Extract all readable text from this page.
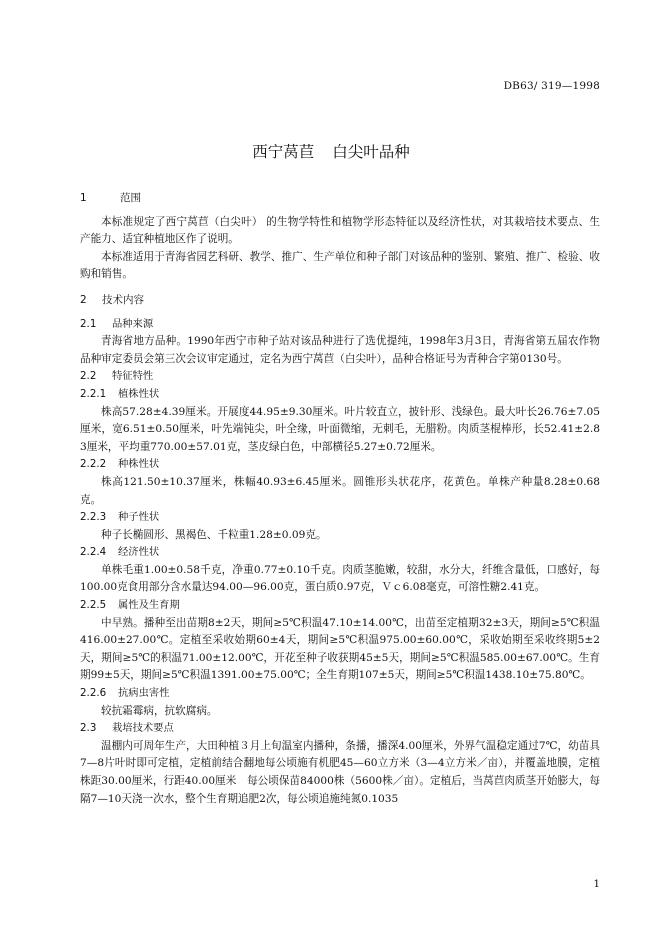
DB63/ 319—1998
西宁莴苣 白尖叶品种
1	范围

本标准规定了西宁莴苣（白尖叶） 的生物学特性和植物学形态特征以及经济性状，对其栽培技术要点、生产能力、适宜种植地区作了说明。

本标准适用于青海省园艺科研、教学、推广、生产单位和种子部门对该品种的鉴别、繁殖、推广、检验、收购和销售。

2 技术内容
2.1 品种来源

青海省地方品种。1990年西宁市种子站对该品种进行了选优提纯，1998年3月3日，青海省第五届农作物品种审定委员会第三次会议审定通过，定名为西宁莴苣（白尖叶），品种合格证号为青种合字第0130号。

2.2 特征特性
2.2.1 植株性状

株高57.28±4.39厘米。开展度44.95±9.30厘米。叶片较直立，披针形、浅绿色。最大叶长26.76±7.05厘米，宽6.51±0.50厘米，叶先端钝尖，叶全缘，叶面微缩，无刺毛，无腊粉。肉质茎棍棒形，长52.41±2.83厘米，平均重770.00±57.01克，茎皮绿白色，中部横径5.27±0.72厘米。

2.2.2 种株性状

株高121.50±10.37厘米，株幅40.93±6.45厘米。圆锥形头状花序，花黄色。单株产种量8.28±0.68克。

2.2.3 种子性状

种子长椭圆形、黑褐色、千粒重1.28±0.09克。

2.2.4 经济性状

单株毛重1.00±0.58千克，净重0.77±0.10千克。肉质茎脆嫩，较甜，水分大，纤维含量低，口感好，每100.00克食用部分含水量达94.00—96.00克，蛋白质0.97克，Ｖｃ6.08毫克，可溶性糖2.41克。

2.2.5 属性及生育期

中早熟。播种至出苗期8±2天，期间≥5℃积温47.10±14.00℃，出苗至定植期32±3天，期间≥5℃积温416.00±27.00℃。定植至采收始期60±4天，期间≥5℃积温975.00±60.00℃，采收始期至采收终期5±2天，期间≥5℃的积温71.00±12.00℃，开花至种子收获期45±5天，期间≥5℃积温585.00±67.00℃。生育期99±5天，期间≥5℃积温1391.00±75.00℃；全生育期107±5天，期间≥5℃积温1438.10±75.80℃。

2.2.6 抗病虫害性

较抗霜霉病，抗软腐病。

2.3 栽培技术要点

温棚内可周年生产，大田种植３月上旬温室内播种，条播，播深4.00厘米，外界气温稳定通过7℃，幼苗具7—8片叶时即可定植，定植前结合翻地每公顷施有机肥45—60立方米（3—4立方米／亩），并覆盖地膜，定植株距30.00厘米，行距40.00厘米　每公顷保苗84000株（5600株／亩）。定植后，当莴苣肉质茎开始膨大，每隔7—10天浇一次水，整个生育期追肥2次，每公顷追施纯氮0.1035

1
